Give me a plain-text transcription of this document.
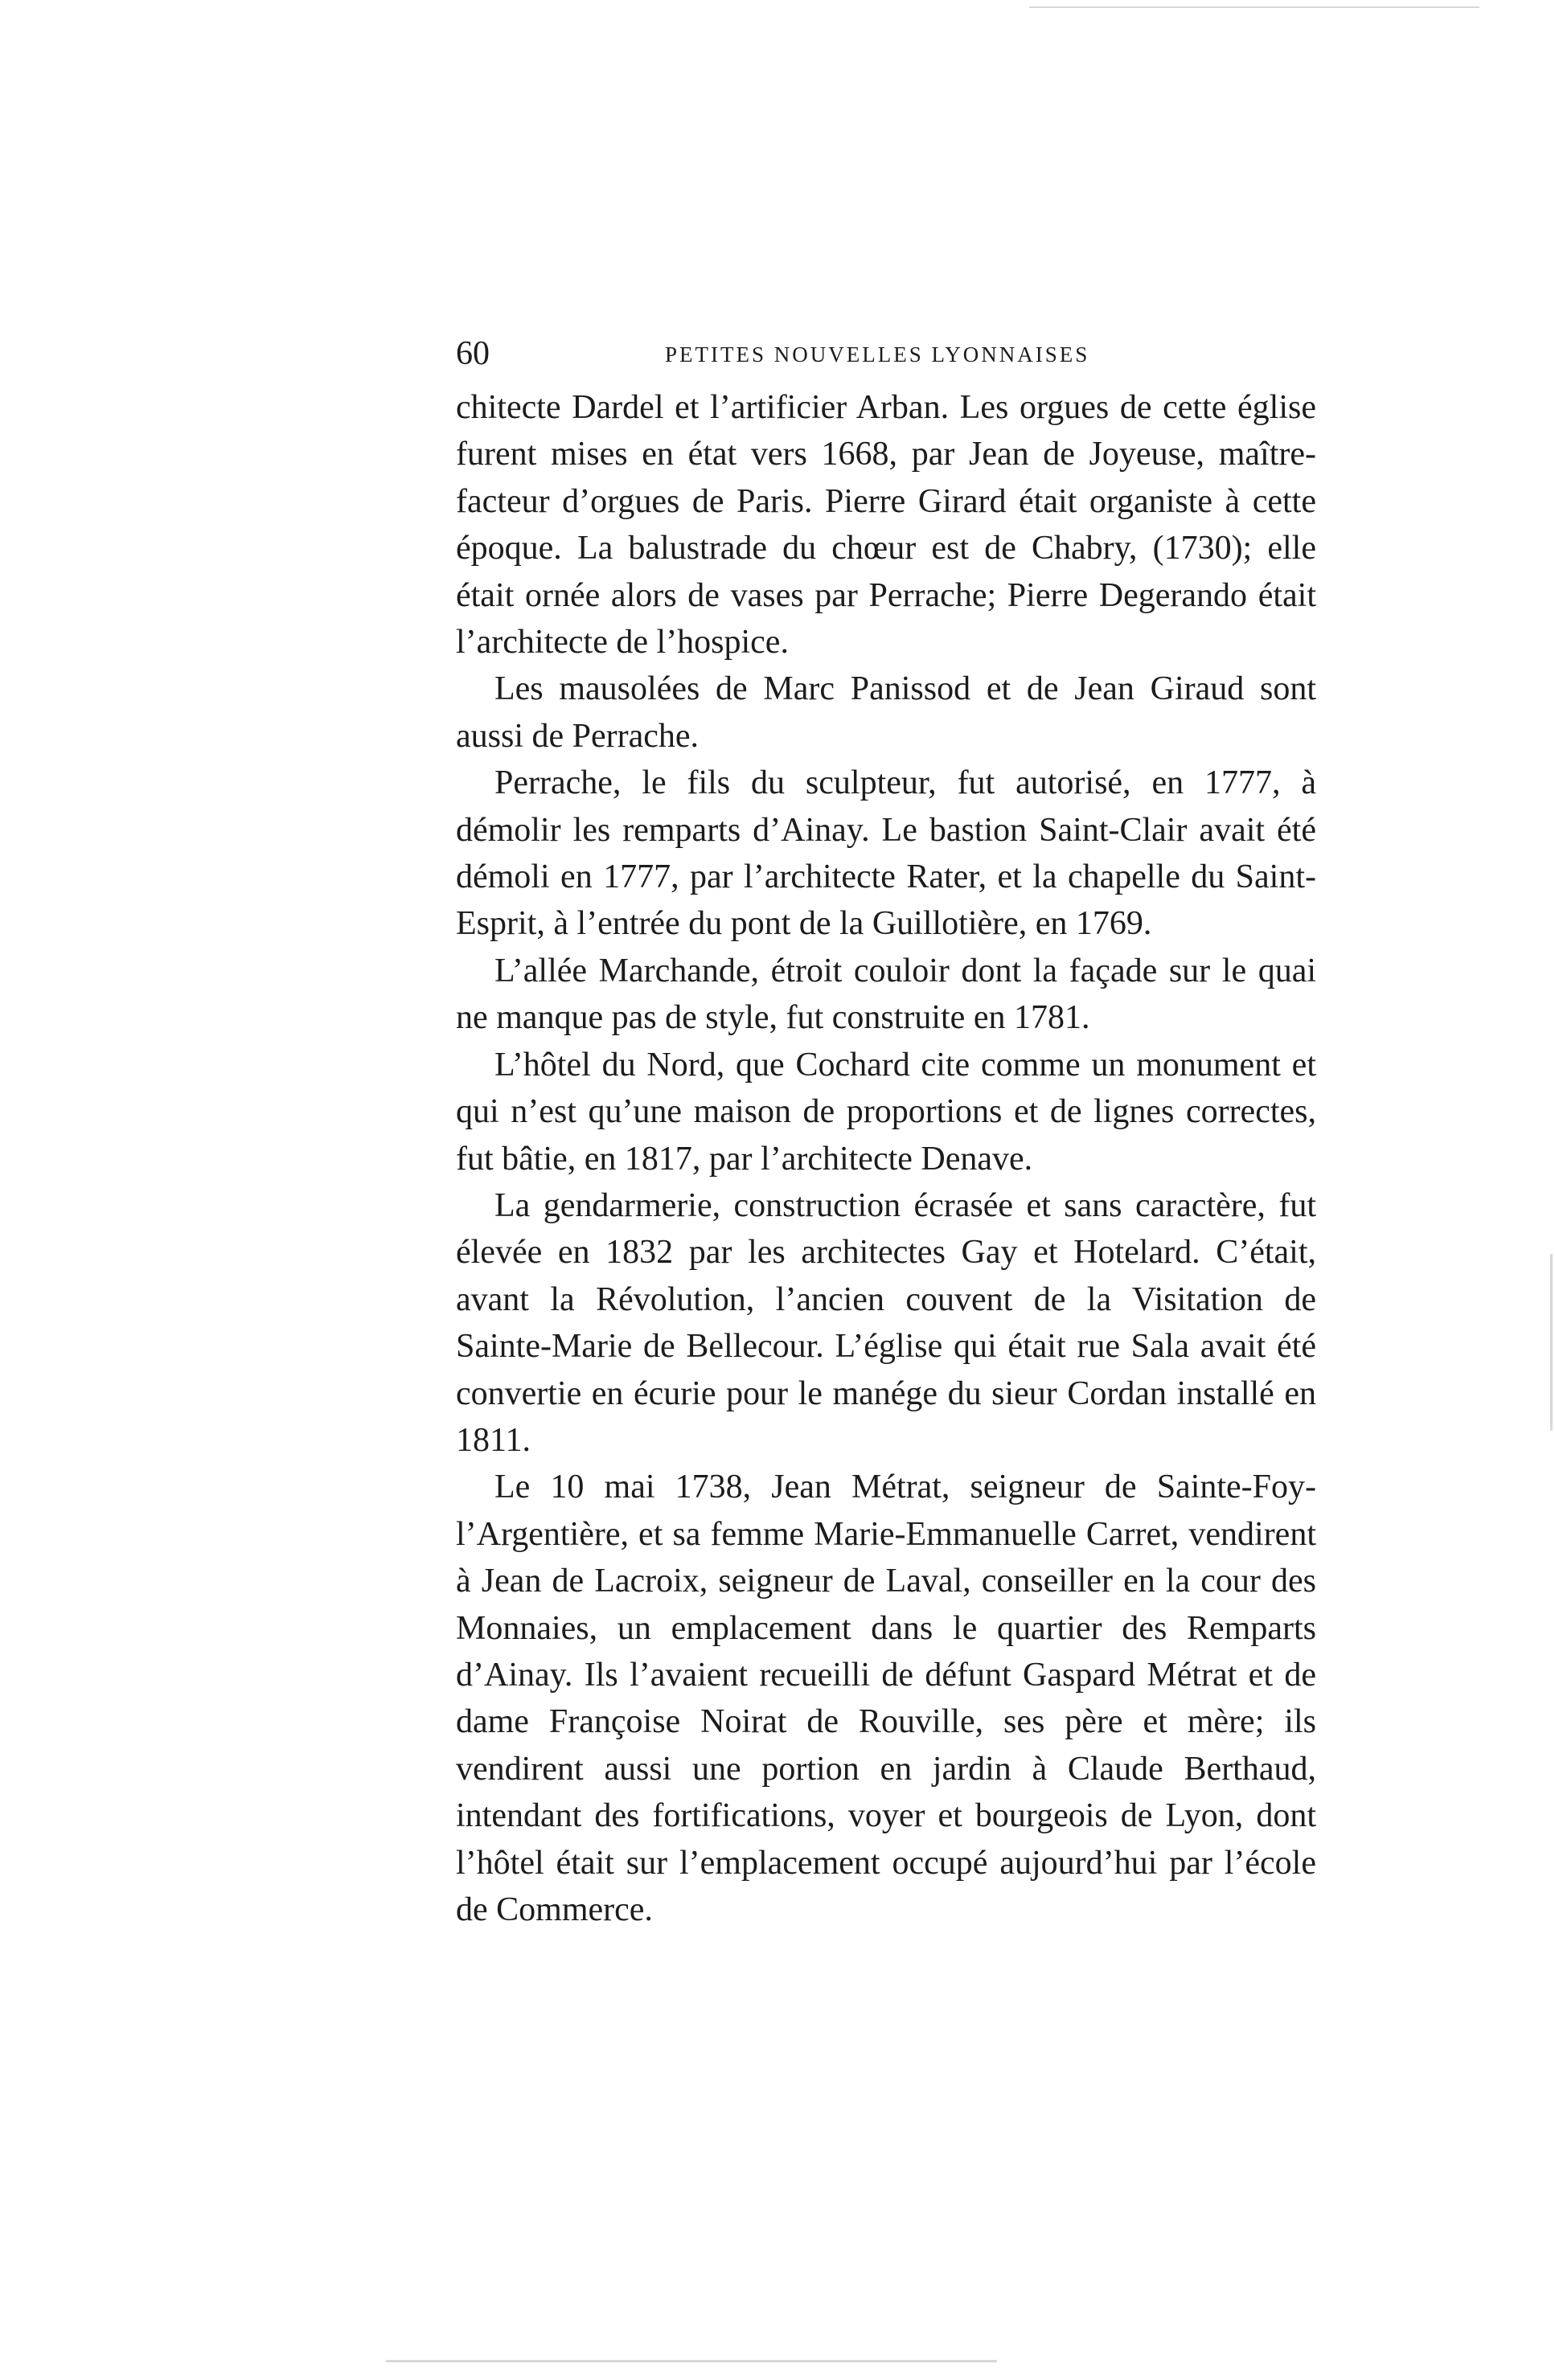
60	PETITES NOUVELLES LYONNAISES

chitecte Dardel et l’artificier Arban. Les orgues de cette église furent mises en état vers 1668, par Jean de Joyeuse, maître-facteur d’orgues de Paris. Pierre Girard était organiste à cette époque. La balustrade du chœur est de Chabry, (1730); elle était ornée alors de vases par Perrache; Pierre Degerando était l’architecte de l’hospice.

Les mausolées de Marc Panissod et de Jean Giraud sont aussi de Perrache.

Perrache, le fils du sculpteur, fut autorisé, en 1777, à démolir les remparts d’Ainay. Le bastion Saint-Clair avait été démoli en 1777, par l’architecte Rater, et la chapelle du Saint-Esprit, à l’entrée du pont de la Guillotière, en 1769.

L’allée Marchande, étroit couloir dont la façade sur le quai ne manque pas de style, fut construite en 1781.

L’hôtel du Nord, que Cochard cite comme un monument et qui n’est qu’une maison de proportions et de lignes correctes, fut bâtie, en 1817, par l’architecte Denave.

La gendarmerie, construction écrasée et sans caractère, fut élevée en 1832 par les architectes Gay et Hotelard. C’était, avant la Révolution, l’ancien couvent de la Visitation de Sainte-Marie de Bellecour. L’église qui était rue Sala avait été convertie en écurie pour le manége du sieur Cordan installé en 1811.

Le 10 mai 1738, Jean Métrat, seigneur de Sainte-Foy-l’Argentière, et sa femme Marie-Emmanuelle Carret, vendirent à Jean de Lacroix, seigneur de Laval, conseiller en la cour des Monnaies, un emplacement dans le quartier des Remparts d’Ainay. Ils l’avaient recueilli de défunt Gaspard Métrat et de dame Françoise Noirat de Rouville, ses père et mère; ils vendirent aussi une portion en jardin à Claude Berthaud, intendant des fortifications, voyer et bourgeois de Lyon, dont l’hôtel était sur l’emplacement occupé aujourd’hui par l’école de Commerce.
